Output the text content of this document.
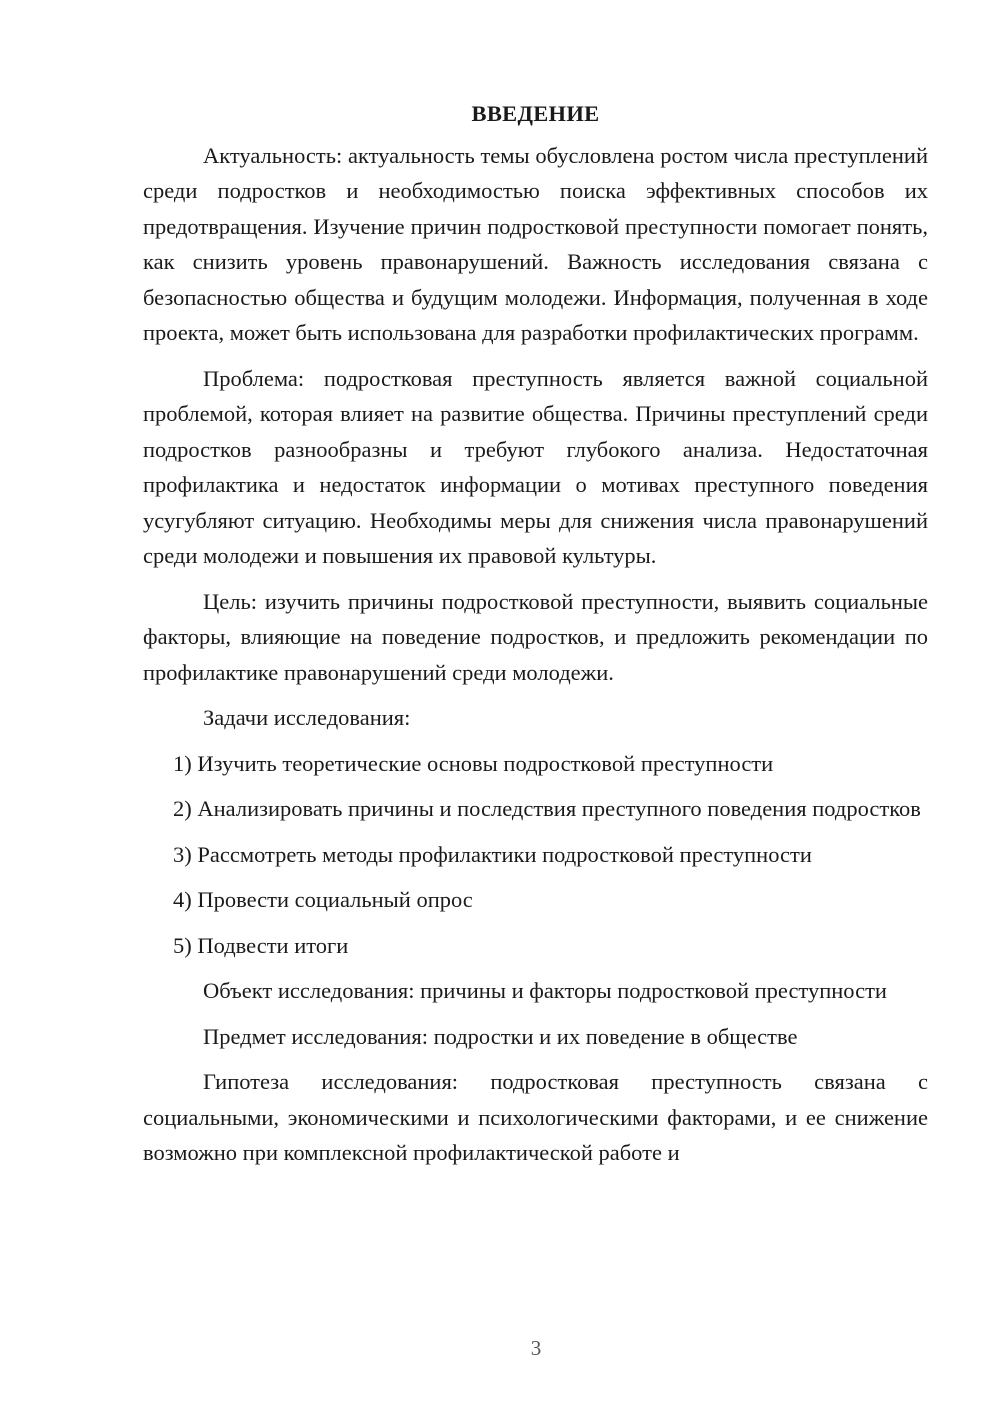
ВВЕДЕНИЕ

Актуальность: актуальность темы обусловлена ростом числа преступлений среди подростков и необходимостью поиска эффективных способов их предотвращения. Изучение причин подростковой преступности помогает понять, как снизить уровень правонарушений. Важность исследования связана с безопасностью общества и будущим молодежи. Информация, полученная в ходе проекта, может быть использована для разработки профилактических программ.

Проблема: подростковая преступность является важной социальной проблемой, которая влияет на развитие общества. Причины преступлений среди подростков разнообразны и требуют глубокого анализа. Недостаточная профилактика и недостаток информации о мотивах преступного поведения усугубляют ситуацию. Необходимы меры для снижения числа правонарушений среди молодежи и повышения их правовой культуры.

Цель: изучить причины подростковой преступности, выявить социальные факторы, влияющие на поведение подростков, и предложить рекомендации по профилактике правонарушений среди молодежи.

Задачи исследования:

1) Изучить теоретические основы подростковой преступности

2) Анализировать причины и последствия преступного поведения подростков

3) Рассмотреть методы профилактики подростковой преступности

4) Провести социальный опрос

5) Подвести итоги

Объект исследования: причины и факторы подростковой преступности

Предмет исследования: подростки и их поведение в обществе

Гипотеза исследования: подростковая преступность связана с социальными, экономическими и психологическими факторами, и ее снижение возможно при комплексной профилактической работе и

3
